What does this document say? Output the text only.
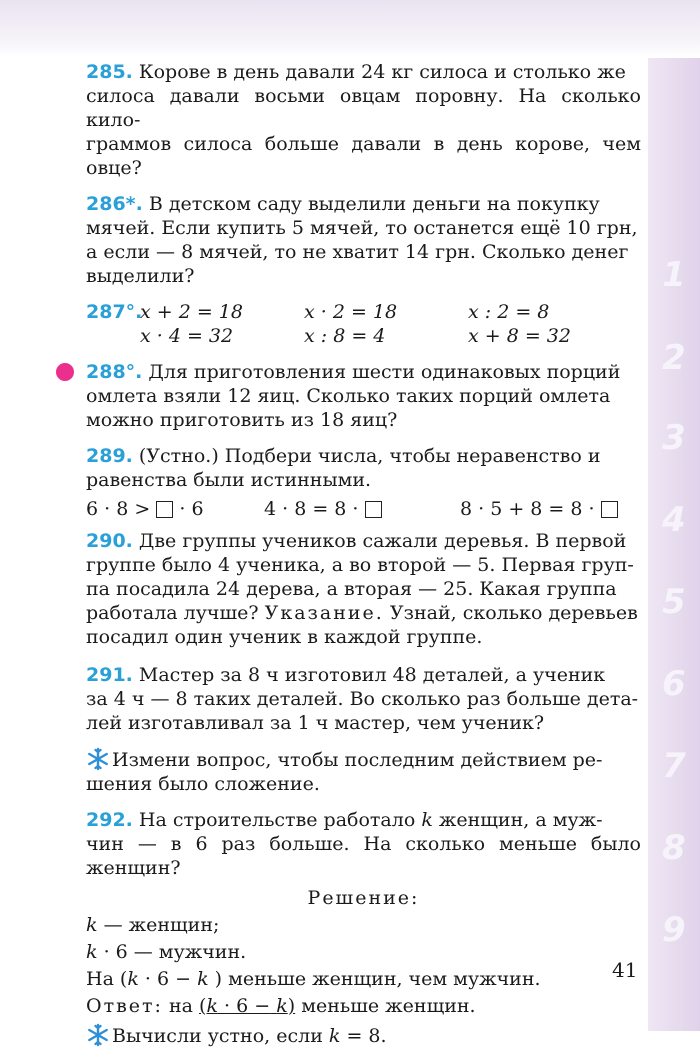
1
2
3
4
5
6
7
8
9

285. Корове в день давали 24 кг силоса и столько же

силоса давали восьми овцам поровну. На сколько кило-

граммов силоса больше давали в день корове, чем овце?

286*. В детском саду выделили деньги на покупку

мячей. Если купить 5 мячей, то останется ещё 10 грн,

а если — 8 мячей, то не хватит 14 грн. Сколько денег

выделили?

287°.
x + 2 = 18	x · 2 = 18	x : 2 = 8
x · 4 = 32	x : 8 = 4	x + 8 = 32

288°. Для приготовления шести одинаковых порций

омлета взяли 12 яиц. Сколько таких порций омлета

можно приготовить из 18 яиц?

289. (Устно.) Подбери числа, чтобы неравенство и

равенства были истинными.

6 · 8 > · 6	4 · 8 = 8 ·	8 · 5 + 8 = 8 ·

290. Две группы учеников сажали деревья. В первой

группе было 4 ученика, а во второй — 5. Первая груп-

па посадила 24 дерева, а вторая — 25. Какая группа

работала лучше? Указание. Узнай, сколько деревьев

посадил один ученик в каждой группе.

291. Мастер за 8 ч изготовил 48 деталей, а ученик

за 4 ч — 8 таких деталей. Во сколько раз больше дета-

лей изготавливал за 1 ч мастер, чем ученик?

Измени вопрос, чтобы последним действием ре-

шения было сложение.

292. На строительстве работало k женщин, а муж-

чин — в 6 раз больше. На сколько меньше было женщин?

Решение:

k — женщин;

k · 6 — мужчин.

На (k · 6 − k ) меньше женщин, чем мужчин.

Ответ: на (k · 6 − k) меньше женщин.

Вычисли устно, если k = 8.

41
